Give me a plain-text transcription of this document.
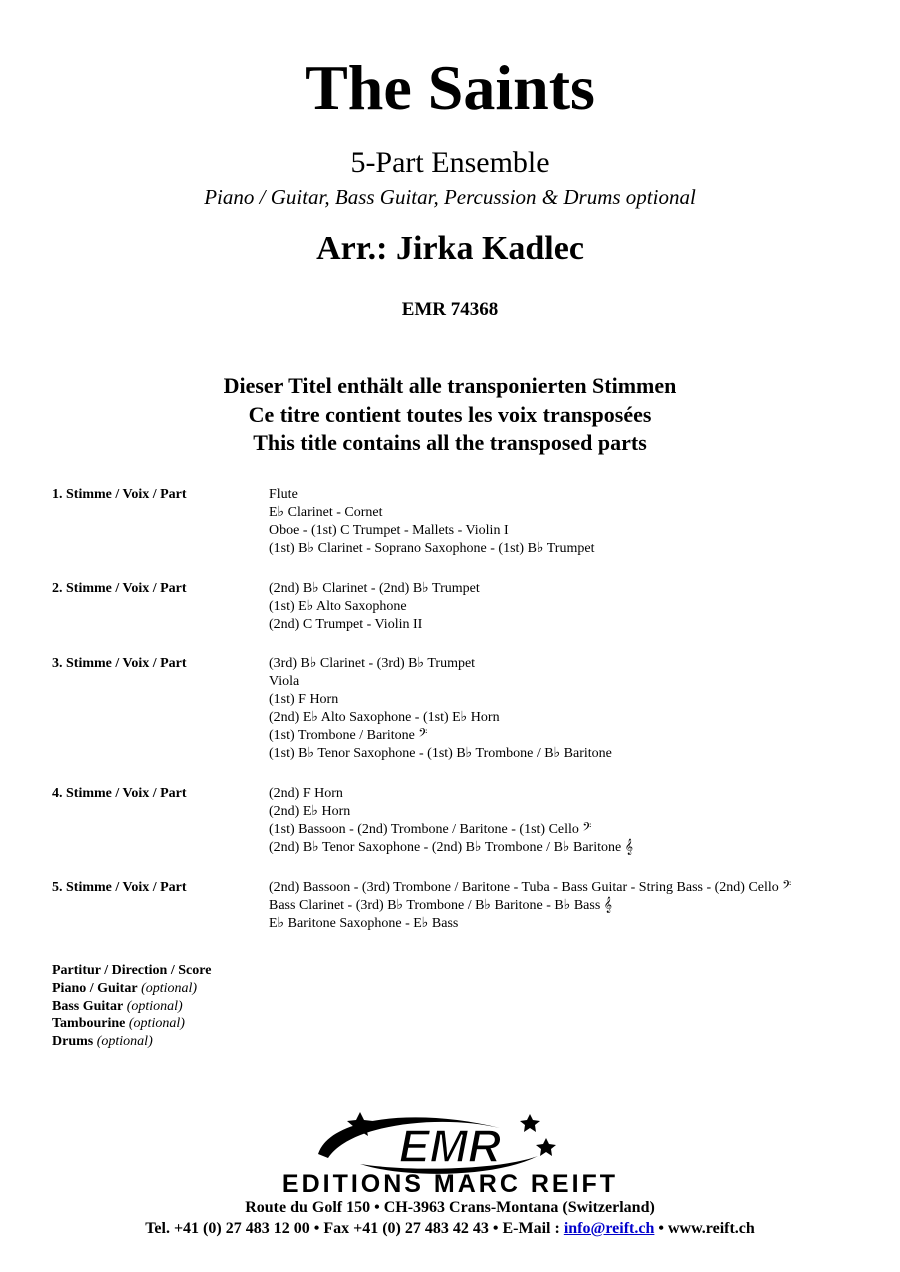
The Saints
5-Part Ensemble
Piano / Guitar, Bass Guitar, Percussion & Drums optional
Arr.: Jirka Kadlec
EMR 74368
Dieser Titel enthält alle transponierten Stimmen
Ce titre contient toutes les voix transposées
This title contains all the transposed parts
1. Stimme / Voix / Part	Flute
E♭ Clarinet - Cornet
Oboe - (1st) C Trumpet - Mallets - Violin I
(1st) B♭ Clarinet - Soprano Saxophone - (1st) B♭ Trumpet
2. Stimme / Voix / Part	(2nd) B♭ Clarinet - (2nd) B♭ Trumpet
(1st) E♭ Alto Saxophone
(2nd) C Trumpet - Violin II
3. Stimme / Voix / Part	(3rd) B♭ Clarinet - (3rd) B♭ Trumpet
Viola
(1st) F Horn
(2nd) E♭ Alto Saxophone - (1st) E♭ Horn
(1st) Trombone / Baritone 𝄢
(1st) B♭ Tenor Saxophone - (1st) B♭ Trombone / B♭ Baritone
4. Stimme / Voix / Part	(2nd) F Horn
(2nd) E♭ Horn
(1st) Bassoon - (2nd) Trombone / Baritone - (1st) Cello 𝄢
(2nd) B♭ Tenor Saxophone - (2nd) B♭ Trombone / B♭ Baritone 𝄞
5. Stimme / Voix / Part	(2nd) Bassoon - (3rd) Trombone / Baritone - Tuba - Bass Guitar - String Bass - (2nd) Cello 𝄢
Bass Clarinet - (3rd) B♭ Trombone / B♭ Baritone - B♭ Bass 𝄞
E♭ Baritone Saxophone - E♭ Bass
Partitur / Direction / Score
Piano / Guitar (optional)
Bass Guitar (optional)
Tambourine (optional)
Drums (optional)
EMR
EDITIONS MARC REIFT
Route du Golf 150 • CH-3963 Crans-Montana (Switzerland)
Tel. +41 (0) 27 483 12 00 • Fax +41 (0) 27 483 42 43 • E-Mail : info@reift.ch • www.reift.ch
